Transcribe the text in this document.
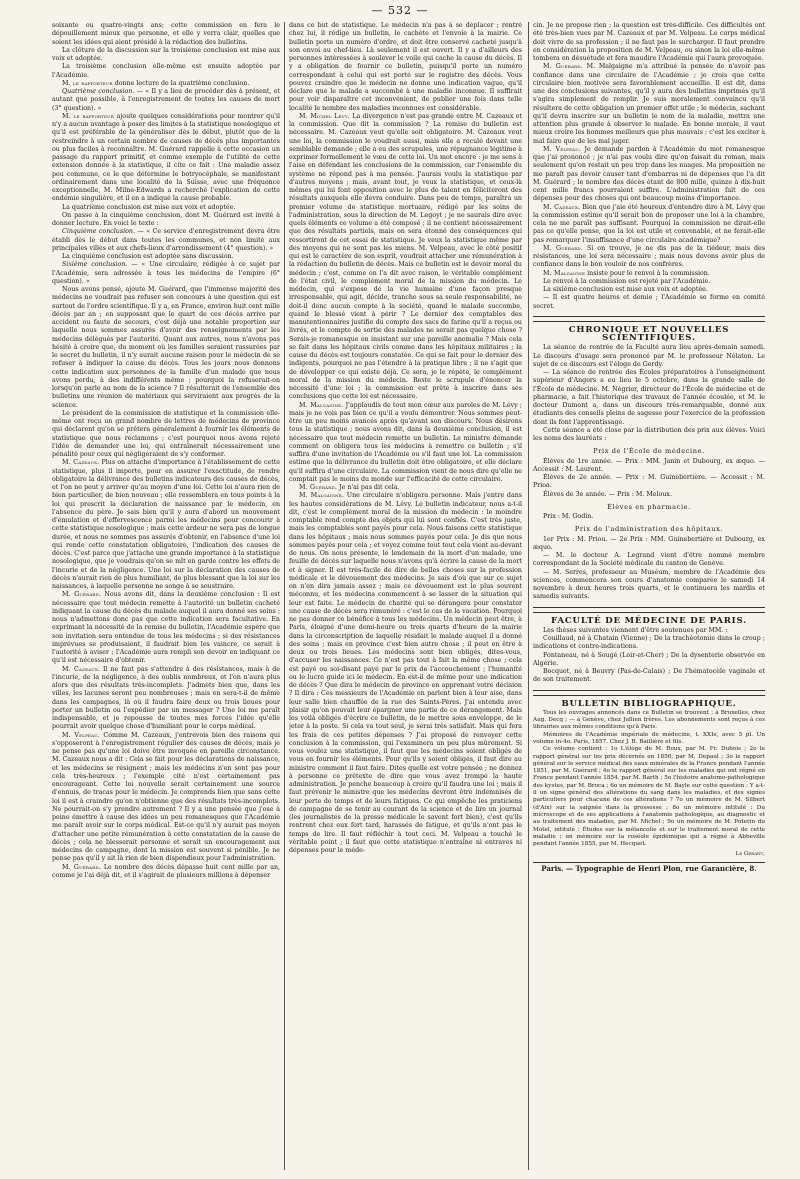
— 532 —

soixante ou quatre-vingts ans; cette commission en fera le dépouillement mieux que personne, et elle y verra clair, quelles que soient les idées qui aient présidé à la rédaction des bulletins.

La clôture de la discussion sur la troisième conclusion est mise aux voix et adoptée.

La troisième conclusion elle-même est ensuite adoptée par l'Académie.

M. le rapporteur donne lecture de la quatrième conclusion.

Quatrième conclusion. — « Il y a lieu de procéder dès à présent, et autant que possible, à l'enregistrement de toutes les causes de mort (3° question). »

M. le rapporteur ajoute quelques considérations pour montrer qu'il n'y a aucun avantage à poser des limites à la statistique nosologique et qu'il est préférable de la généraliser dès le début, plutôt que de la restreindre à un certain nombre de causes de décès plus importantes ou plus faciles à reconnaître. M. Guérard rappelle à cette occasion un passage du rapport primitif, et comme exemple de l'utilité de cette extension donnée à la statistique, il cite ce fait : Une maladie assez peu commune, ce le que détermine le botryocéphale, se manifestant ordinairement dans une localité de la Suisse, avec une fréquence exceptionnelle, M. Milne-Edwards a recherché l'explication de cette endémie singulière, et il en a indiqué la cause probable.

La quatrième conclusion est mise aux voix et adoptée.

On passe à la cinquième conclusion, dont M. Guérard est invité à donner lecture. En voici le texte :

Cinquième conclusion. — « Ce service d'enregistrement devra être établi dès le début dans toutes les communes, et non limité aux principales villes et aux chefs-lieux d'arrondissement (4° question). »

La cinquième conclusion est adoptée sans discussion.

Sixième conclusion. — « Une circulaire, rédigée à ce sujet par l'Académie, sera adressée à tous les médecins de l'empire (6° question). »

Nous avons pensé, ajoute M. Guérard, que l'immense majorité des médecins ne voudrait pas refuser son concours à une question qui est surtout de l'ordre scientifique. Il y a, en France, environ huit cent mille décès par an ; en supposant que le quart de ces décès arrive par accident ou faute de secours, c'est déjà une notable proportion sur laquelle nous sommes assurés d'avoir des renseignements par les médecins délégués par l'autorité. Quant aux autres, nous n'avons pas hésité à croire que, du moment où les familles seraient rassurées par le secret du bulletin, il n'y aurait aucune raison pour le médecin de se refuser à indiquer la cause du décès. Tous les jours nous donnons cette indication aux personnes de la famille d'un malade que nous avons perdu, à des indifférents même ; pourquoi la refuserait-on lorsqu'on parle au nom de la science ? Il résulterait de l'ensemble des bulletins une réunion de matériaux qui serviraient aux progrès de la science.

Le président de la commission de statistique et la commission elle-même ont reçu un grand nombre de lettres de médecins de province qui déclarent qu'on se prêtera généralement à fournir les éléments de statistique que nous réclamons ; c'est pourquoi nous avons rejeté l'idée de demander une loi, qui entraînerait nécessairement une pénalité pour ceux qui négligeraient de s'y conformer.

M. Cazeaux. Plus on attache d'importance à l'établissement de cette statistique, plus il importe, pour en assurer l'exactitude, de rendre obligatoire la délivrance des bulletins indicateurs des causes de décès, et l'on ne peut y arriver qu'au moyen d'une loi. Cette loi n'aura rien de bien particulier, de bien nouveau ; elle ressemblera en tous points à la loi qui prescrit la déclaration de naissance par le médecin, en l'absence du père. Je sais bien qu'il y aura d'abord un mouvement d'émulation et d'effervescence parmi les médecins pour concourir à cette statistique nosologique ; mais cette ardeur ne sera pas de longue durée, et nous ne sommes pas assurés d'obtenir, en l'absence d'une loi qui rende cette constatation obligatoire, l'indication des causes de décès. C'est parce que j'attache une grande importance à la statistique nosologique, que je voudrais qu'on se mît en garde contre les effets de l'incurie et de la négligence. Une loi sur la déclaration des causes de décès n'aurait rien de plus humiliant, de plus blessant que la loi sur les naissances, à laquelle personne ne songe à se soustraire.

M. Guérard. Nous avons dit, dans la deuxième conclusion : Il est nécessaire que tout médecin remette à l'autorité un bulletin cacheté indiquant la cause du décès du malade auquel il aura donné ses soins ; nous n'admettons donc pas que cette indication sera facultative. En exprimant la nécessité de la remise du bulletin, l'Académie espère que son invitation sera entendue de tous les médecins ; si des résistances imprévues se produisaient, il faudrait bien les vaincre, ce serait à l'autorité à aviser ; l'Académie aura rempli son devoir en indiquant ce qu'il est nécessaire d'obtenir.

M. Cazeaux. Il ne faut pas s'attendre à des résistances, mais à de l'incurie, de la négligence, à des oublis nombreux, et l'on n'aura plus alors que des résultats très-incomplets. J'admets bien que, dans les villes, les lacunes seront peu nombreuses ; mais en sera-t-il de même dans les campagnes, là où il faudra faire deux ou trois lieues pour porter un bulletin ou l'expédier par un messager ? Une loi me paraît indispensable, et je repousse de toutes mes forces l'idée qu'elle pourrait avoir quelque chose d'humiliant pour le corps médical.

M. Velpeau. Comme M. Cazeaux, j'entrevois bien des raisons qui s'opposeront à l'enregistrement régulier des causes de décès, mais je ne pense pas qu'une loi doive être invoquée en pareille circonstance. M. Cazeaux nous a dit : Cela se fait pour les déclarations de naissance, et les médecins se résignent ; mais les médecins n'en sont pas pour cela très-heureux ; l'exemple cité n'est certainement pas encourageant. Cette loi nouvelle serait certainement une source d'ennuis, de tracas pour le médecin. Je comprends bien que sans cette loi il est à craindre qu'on n'obtienne que des résultats très-incomplets. Ne pourrait-on s'y prendre autrement ? Il y a une pensée que j'ose à peine émettre à cause des idées un peu romanesques que l'Académie me paraît avoir sur le corps médical. Est-ce qu'il n'y aurait pas moyen d'attacher une petite rémunération à cette constatation de la cause de décès ; cela ne blesserait personne et serait un encouragement aux médecins de campagne, dont la mission est souvent si pénible. Je ne pense pas qu'il y ait là rien de bien dispendieux pour l'administration.

M. Guérard. Le nombre des décès dépasse huit cent mille par an, comme je l'ai déjà dit, et il s'agirait de plusieurs millions à dépenser

dans ce but de statistique. Le médecin n'a pas à se déplacer ; rentré chez lui, il rédige un bulletin, le cachète et l'envoie à la mairie. Ce bulletin porte un numéro d'ordre, et doit être conservé cacheté jusqu'à son envoi au chef-lieu. Là seulement il est ouvert. Il y a d'ailleurs des personnes intéressées à soulever le voile qui cache la cause du décès. Il y a obligation de fournir ce bulletin, puisqu'il porte un numéro correspondant à celui qui est porté sur le registre des décès. Vous pouvez craindre que le médecin ne donne une indication vague, qu'il déclare que le malade a succombé à une maladie inconnue. Il suffirait pour voir disparaître cet inconvénient, de publier une fois dans telle localité le nombre des maladies inconnues est considérable.

M. Michel Lévy. La divergence n'est pas grande entre M. Cazeaux et la commission. Que dit la commission ? La remise du bulletin est nécessaire. M. Cazeaux veut qu'elle soit obligatoire. M. Cazeaux veut une loi, la commission le voudrait aussi, mais elle a reculé devant une semblable demande ; elle a eu des scrupules, une répugnance légitime à exprimer formellement le vœu de cette loi. Un mot encore : je me sens à l'aise en défendant les conclusions de la commission, car l'ensemble du système ne répond pas à ma pensée. J'aurais voulu la statistique par d'autres moyens ; mais, avant tout, je veux la statistique, et ceux-là mêmes qui lui font opposition avec le plus de talent en féliciteront des résultats auxquels elle devra conduire. Dans peu de temps, paraîtra un premier volume de statistique mortuaire, rédigé par les soins de l'administration, sous la direction de M. Legoyt ; je ne saurais dire avec quels éléments ce volume a été composé ; il ne contient nécessairement que des résultats partiels, mais on sera étonné des conséquences qui ressortiront de cet essai de statistique. Je veux la statistique même par des moyens qui ne sont pas les miens. M. Velpeau, avec le côté positif qui est le caractère de son esprit, voudrait attacher une rémunération à la rédaction du bulletin de décès. Mais ce bulletin est le devoir moral du médecin ; c'est, comme on l'a dit avec raison, le véritable complément de l'état civil, le complément moral de la mission du médecin. Le médecin, qui s'expose de la vie humaine d'une façon presque irresponsable, qui agit, décide, tranche sous sa seule responsabilité, ne doit-il donc aucun compte à la société, quand le malade succombe, quand le blessé vient à périr ? Le dernier des comptables des manutentionnaires justifie du compte des sacs de farine qu'il a reçus ou livrés, et le compte de sortie des malades ne serait pas quelque chose ? Serais-je romanesque en insistant sur une pareille anomalie ? Mais cela se fait dans les hôpitaux civils comme dans les hôpitaux militaires ; la cause du décès est toujours constatée. Ce qui se fait pour le dernier des indigents, pourquoi ne pas l'étendre à la pratique libre ; il ne s'agit que de développer ce qui existe déjà. Ce sera, je le répète, le complément moral de la mission du médecin. Reste le scrupule d'énoncer la nécessité d'une loi ; la commission est prête à inscrire dans ses conclusions que cette loi est nécessaire.

M. Malgaigne. J'applaudis de tout mon cœur aux paroles de M. Lévy ; mais je ne vois pas bien ce qu'il a voulu démontrer. Nous sommes peut-être un peu moins avancés après qu'avant son discours. Nous désirons tous la statistique ; nous avons dit, dans la deuxième conclusion, il est nécessaire que tout médecin remette un bulletin. Le ministre demande comment on obligera tous les médecins à remettre ce bulletin ; s'il suffira d'une invitation de l'Académie ou s'il faut une loi. La commission estime que la délivrance du bulletin doit être obligatoire, et elle déclare qu'il suffira d'une circulaire. La commission vient de nous dire qu'elle ne comptait pas le moins du monde sur l'efficacité de cette circulaire.

M. Guérard. Je n'ai pas dit cela.

M. Malgaigne. Une circulaire n'obligera personne. Mais j'entre dans les hautes considérations de M. Lévy. Le bulletin indicateur, nous a-t-il dit, c'est le complément moral de la mission du médecin : le moindre comptable rend compte des objets qui lui sont confiés. C'est très juste, mais les comptables sont payés pour cela. Nous faisons cette statistique dans les hôpitaux ; mais nous sommes payés pour cela. Je dis que nous sommes payés pour cela ; et voyez comme tout tout cela vient au-devant de nous. On nous présente, le lendemain de la mort d'un malade, une feuille de décès sur laquelle nous n'avons qu'à écrire la cause de la mort et à signer. Il est très-facile de dire de belles choses sur la profession médicale et le dévouement des médecins. Je sais d'où que sur ce sujet on n'en dira jamais assez ; mais ce dévouement est le plus souvent méconnu, et les médecins commencent à se lasser de la situation qui leur est faite. Le médecin de charité qui se dérangera pour constater une cause de décès sera rémunéré : c'est le cas de la vacation. Pourquoi ne pas donner ce bénéfice à tous les médecins. Un médecin peut être, à Paris, éloigné d'une demi-heure ou trois quarts d'heure de la mairie dans la circonscription de laquelle résidait le malade auquel il a donné des soins ; mais en province c'est bien autre chose ; il peut en être à deux ou trois lieues. Les médecins sont bien obligés, dites-vous, d'accuser les naissances. Ce n'est pas tout à fait la même chose ; cela est payé ou soi-disant payé par le prix de l'accouchement ; l'humanité ou le lucre guide ici le médecin. En est-il de même pour une indication de décès ? Que dira le médecin de province en apprenant votre décision ? Il dira : Ces messieurs de l'Académie en parlent bien à leur aise, dans leur salle bien chauffée de la rue des Saints-Pères. J'ai entendu avec plaisir qu'on pouvait leur épargner une partie de ce dérangement. Mais les voilà obligés d'écrire ce bulletin, de le mettre sous enveloppe, de le jeter à la poste. Si cela va tout seul, je serai très satisfait. Mais qui fera les frais de ces petites dépenses ? J'ai proposé de renvoyer cette conclusion à la commission, qui l'examinera un peu plus mûrement. Si vous voulez une statistique, il faut que les médecins soient obligés de vous en fournir les éléments. Pour qu'ils y soient obligés, il faut dire au ministre comment il faut faire. Dites quelle est votre pensée ; ne donnez à personne ce prétexte de dire que vous avez trompé la haute administration. Je penche beaucoup à croire qu'il faudra une loi ; mais il faut prévenir le ministre que les médecins devront être indemnisés de leur perte de temps et de leurs fatigues. Ce qui empêche les praticiens de campagne de se tenir au courant de la science et de lire un journal (les journalistes de la presse médicale le savent fort bien), c'est qu'ils rentrent chez eux fort tard, harassés de fatigue, et qu'ils n'ont pas le temps de lire. Il faut réfléchir à tout ceci. M. Velpeau a touché le véritable point ; il faut que cette statistique n'entraîne ni entraves ni dépenses pour le méde-

cin. Je ne propose rien ; la question est très-difficile. Ces difficultés ont été très-bien vues par M. Cazeaux et par M. Velpeau. Le corps médical doit vivre de sa profession ; il ne faut pas le surcharger. Il faut prendre en considération la proposition de M. Velpeau, ou sinon la loi elle-même tombera en désuétude et fera maudire l'Académie qui l'aura provoquée.

M. Guérard. M. Malgaigne m'a attribué la pensée de n'avoir pas confiance dans une circulaire de l'Académie ; je crois que cette circulaire bien motivée sera favorablement accueillie. Il est dit, dans une des conclusions suivantes, qu'il y aura des bulletins imprimés qu'il s'agira simplement de remplir. Je suis moralement convaincu qu'il résultera de cette obligation un premier effet utile ; le médecin, sachant qu'il devra inscrire sur un bulletin le nom de la maladie, mettra une attention plus grande à observer le malade. En bonne morale, il vaut mieux croire les hommes meilleurs que plus mauvais ; c'est les exciter à mal faire que de les mal juger.

M. Velpeau. Je demande pardon à l'Académie du mot romanesque que j'ai prononcé ; je n'ai pas voulu dire qu'on faisait du roman, mais seulement qu'on restait un peu trop dans les nuages. Ma proposition ne me paraît pas devoir causer tant d'embarras ni de dépenses que l'a dit M. Guérard ; le nombre des décès étant de 800 mille, quinze à dix-huit cent mille francs pourraient suffire. L'administration fait de ces dépenses pour des choses qui ont beaucoup moins d'importance.

M. Cazeaux. Bien que j'aie été heureux d'entendre dire à M. Lévy que la commission estime qu'il serait bon de proposer une loi à la chambre, cela ne me paraît pas suffisant. Pourquoi la commission ne dirait-elle pas ce qu'elle pense, que la loi est utile et convenable, et ne ferait-elle pas remarquer l'insuffisance d'une circulaire académique?

M. Guérard. Si on trouve, je ne dis pas de la tiédeur, mais des résistances, une loi sera nécessaire ; mais nous devons avoir plus de confiance dans le bon vouloir de nos confrères.

M. Malgaigne insiste pour le renvoi à la commission.

Le renvoi à la commission est rejeté par l'Académie.

La sixième conclusion est mise aux voix et adoptée.

— Il est quatre heures et demie ; l'Académie se forme en comité secret.

CHRONIQUE ET NOUVELLES SCIENTIFIQUES.

La séance de rentrée de la Faculté aura lieu après-demain samedi. Le discours d'usage sera prononcé par M. le professeur Nélaton. Le sujet de ce discours est l'éloge de Gerdy.

— La séance de rentrée des Écoles préparatoires à l'enseignement supérieur d'Angers a eu lieu le 5 octobre, dans la grande salle de l'École de médecine. M. Négrier, directeur de l'École de médecine et de pharmacie, a fait l'historique des travaux de l'année écoulée, et M. le docteur Dumont a, dans un discours très-remarquable, donné aux étudiants des conseils pleins de sagesse pour l'exercice de la profession dont ils font l'apprentissage.

Cette séance a été close par la distribution des prix aux élèves. Voici les noms des lauréats :

Prix de l'École de médecine.

Élèves de 1re année. — Prix : MM. Janin et Dubourg, ex æquo. — Accessit : M. Laurent.

Élèves de 2e année. — Prix : M. Guinebertière. — Accessit : M. Prioa.

Élèves de 3e année. — Prix : M. Meloux.

Élèves en pharmacie.

Prix : M. Godin.

Prix de l'administration des hôpitaux.

1er Prix : M. Priou. — 2e Prix : MM. Guinebertière et Dubourg, ex æquo.

— M. le docteur A. Legrand vient d'être nommé membre correspondant de la Société médicale du canton de Genève.

— M. Serres, professeur au Muséum, membre de l'Académie des sciences, commencera son cours d'anatomie comparée le samedi 14 novembre à deux heures trois quarts, et le continuera les mardis et samedis suivants.

FACULTÉ DE MÉDECINE DE PARIS.

Les thèses suivantes viennent d'être soutenues par MM. :

Couillaud, né à Chatain (Vienne) ; De la trachéotomie dans le croup ; indications et contre-indications.

Fontaneau, né à Sougé (Loir-et-Cher) ; De la dysenterie observée en Algérie.

Bocquet, né à Beuvry (Pas-de-Calais) ; De l'hématocèle vaginale et de son traitement.

BULLETIN BIBLIOGRAPHIQUE.

Tous les ouvrages annoncés dans ce Bulletin se trouvent : à Bruxelles, chez Aug. Decq ; — à Genève, chez Jullien frères. Les abonnements sont reçus à ces librairies aux mêmes conditions qu'à Paris.

Mémoires de l'Académie impériale de médecine, t. XXIe, avec 5 pl. Un volume in-4o. Paris, 1857. Chez J. B. Baillière et fils.

Ce volume contient : 1o L'éloge de M. Roux, par M. Fr. Dubois ; 2o le rapport général sur les prix décernés en 1856, par M. Depaul ; 3o le rapport général sur le service médical des eaux minérales de la France pendant l'année 1851, par M. Guérard ; 4o le rapport général sur les maladies qui ont régné en France pendant l'année 1854, par M. Barth ; 5o l'histoire anatomo-pathologique des kystes, par M. Broca ; 6o un mémoire de M. Bayle sur cette question : Y a-t-il un signe général des altérations du sang dans les maladies, et des signes particuliers pour chacune de ces altérations ? 7o un mémoire de M. Silbert (d'Aix) sur la saignée dans la grossesse ; 8o un mémoire intitulé : Du microscope et de ses applications à l'anatomie pathologique, au diagnostic et au traitement des maladies, par M. Michel ; 9o un mémoire de M. Poterin du Motel, intitulé : Études sur la mélancolie et sur le traitement moral de cette maladie ; un mémoire sur la roséole épidémique qui a régné à Abbeville pendant l'année 1855, par M. Hecquet.

Le Gérant,

Paris. — Typographie de Henri Plon, rue Garancière, 8.
